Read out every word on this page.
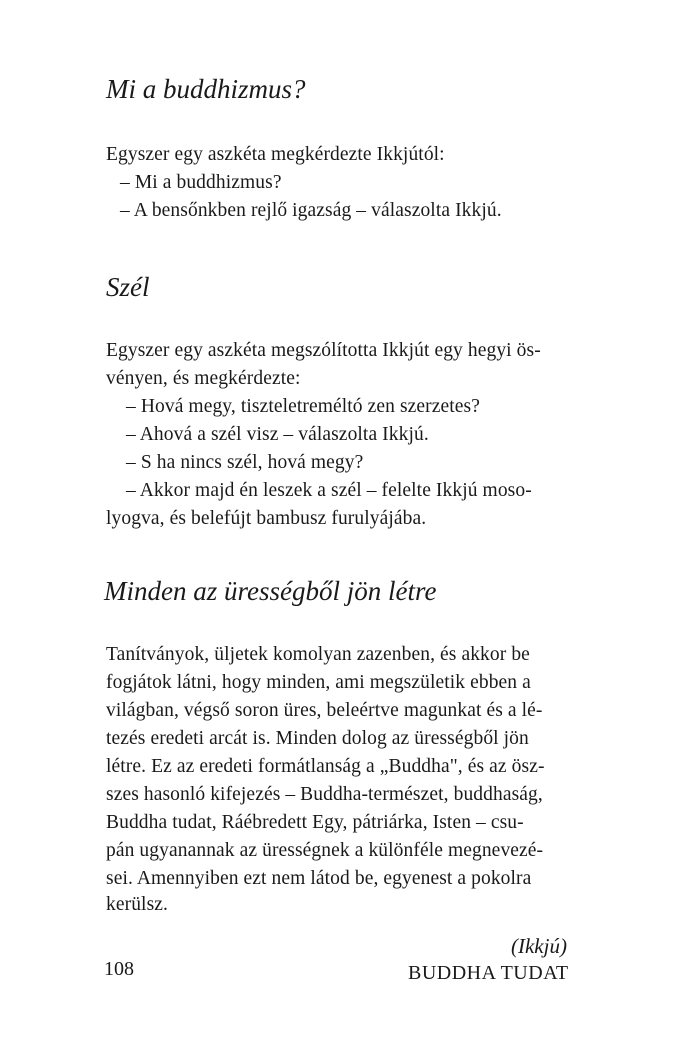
Mi a buddhizmus?

Egyszer egy aszkéta megkérdezte Ikkjútól:

– Mi a buddhizmus?

– A bensőnkben rejlő igazság – válaszolta Ikkjú.

Szél

Egyszer egy aszkéta megszólította Ikkjút egy hegyi ös-

vényen, és megkérdezte:

– Hová megy, tiszteletreméltó zen szerzetes?

– Ahová a szél visz – válaszolta Ikkjú.

– S ha nincs szél, hová megy?

– Akkor majd én leszek a szél – felelte Ikkjú moso-

lyogva, és belefújt bambusz furulyájába.

Minden az ürességből jön létre

Tanítványok, üljetek komolyan zazenben, és akkor be

fogjátok látni, hogy minden, ami megszületik ebben a

világban, végső soron üres, beleértve magunkat és a lé-

tezés eredeti arcát is. Minden dolog az ürességből jön

létre. Ez az eredeti formátlanság a „Buddha", és az ösz-

szes hasonló kifejezés – Buddha-természet, buddhaság,

Buddha tudat, Ráébredett Egy, pátriárka, Isten – csu-

pán ugyanannak az ürességnek a különféle megnevezé-

sei. Amennyiben ezt nem látod be, egyenest a pokolra

kerülsz.

(Ikkjú)
108	BUDDHA TUDAT
